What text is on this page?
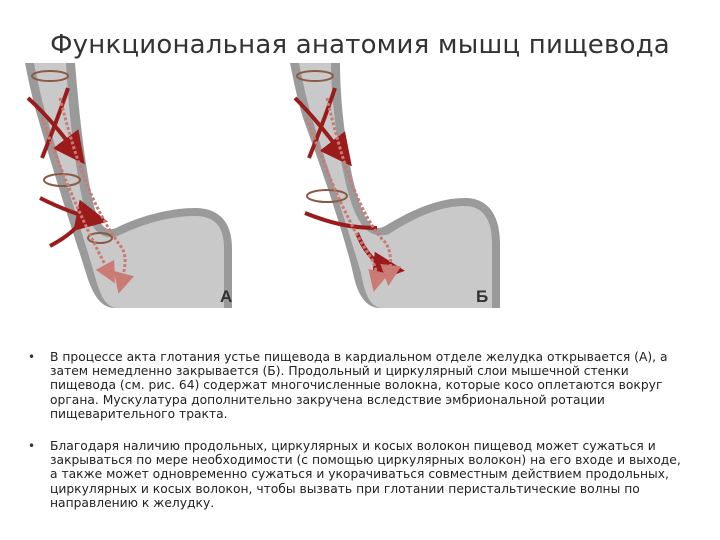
Функциональная анатомия мышц пищевода
А	Б
• В процессе акта глотания устье пищевода в кардиальном отделе желудка открывается (А), а затем немедленно закрывается (Б). Продольный и циркулярный слои мышечной стенки пищевода (см. рис. 64) содержат многочисленные волокна, которые косо оплетаются вокруг органа. Мускулатура дополнительно закручена вследствие эмбриональной ротации пищеварительного тракта.
• Благодаря наличию продольных, циркулярных и косых волокон пищевод может сужаться и закрываться по мере необходимости (с помощью циркулярных волокон) на его входе и выходе, а также может одновременно сужаться и укорачиваться совместным действием продольных, циркулярных и косых волокон, чтобы вызвать при глотании перистальтические волны по направлению к желудку.
